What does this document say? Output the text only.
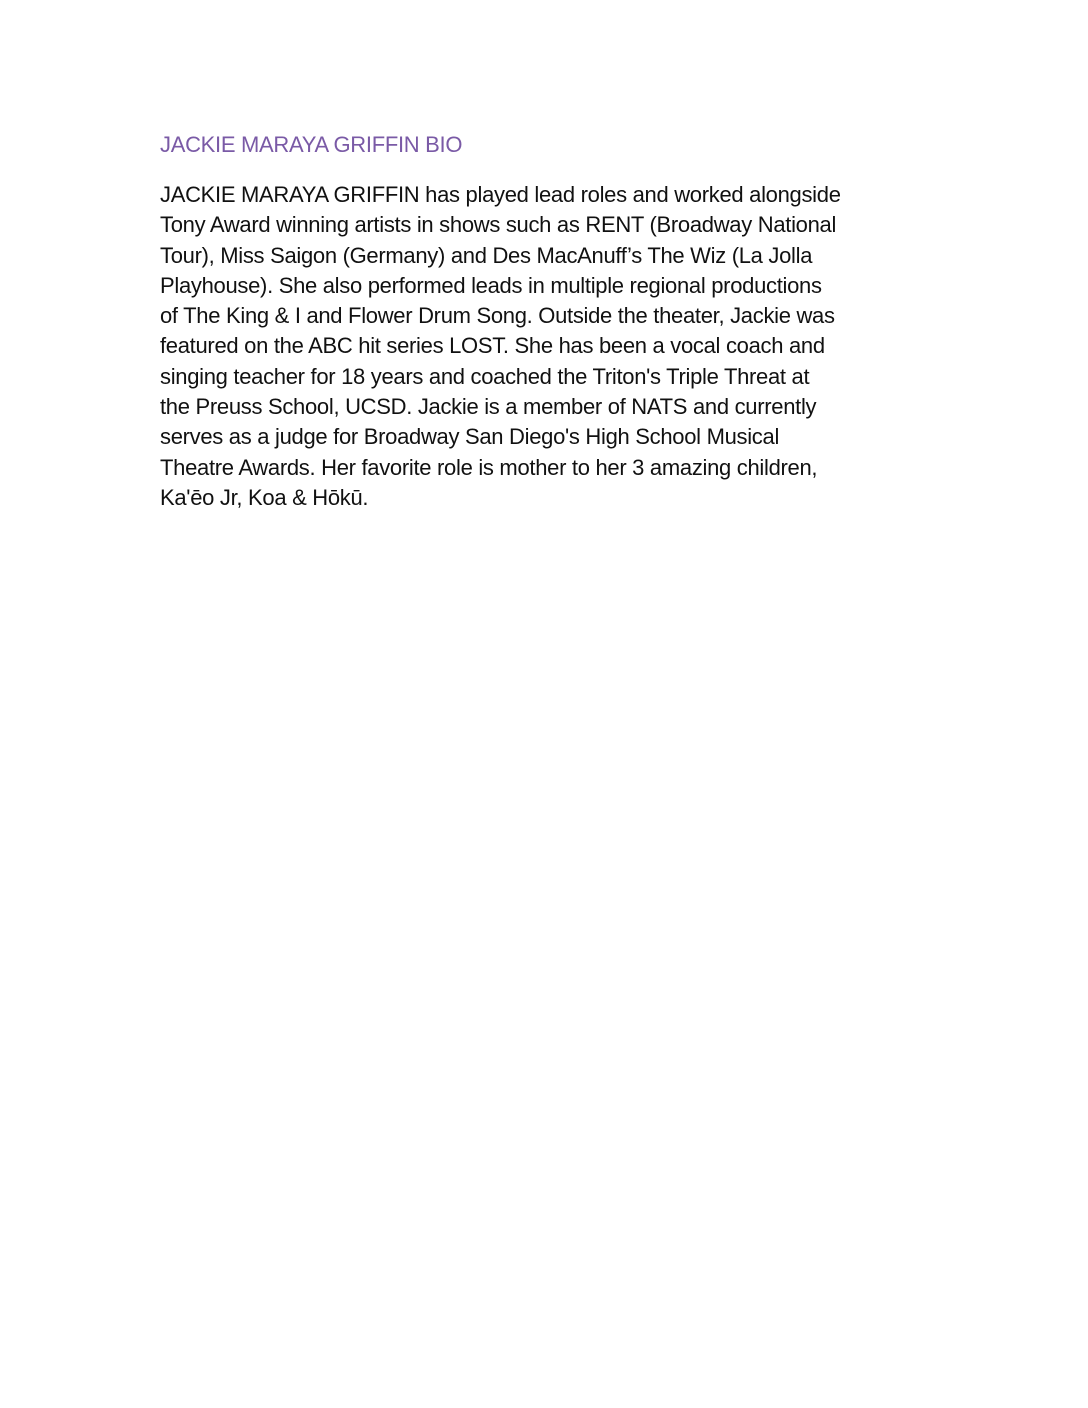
JACKIE MARAYA GRIFFIN BIO
JACKIE MARAYA GRIFFIN has played lead roles and worked alongside
Tony Award winning artists in shows such as RENT (Broadway National
Tour), Miss Saigon (Germany) and Des MacAnuff’s The Wiz (La Jolla
Playhouse). She also performed leads in multiple regional productions
of The King & I and Flower Drum Song. Outside the theater, Jackie was
featured on the ABC hit series LOST. She has been a vocal coach and
singing teacher for 18 years and coached the Triton's Triple Threat at
the Preuss School, UCSD. Jackie is a member of NATS and currently
serves as a judge for Broadway San Diego's High School Musical
Theatre Awards. Her favorite role is mother to her 3 amazing children,
Ka'ēo Jr, Koa & Hōkū.
